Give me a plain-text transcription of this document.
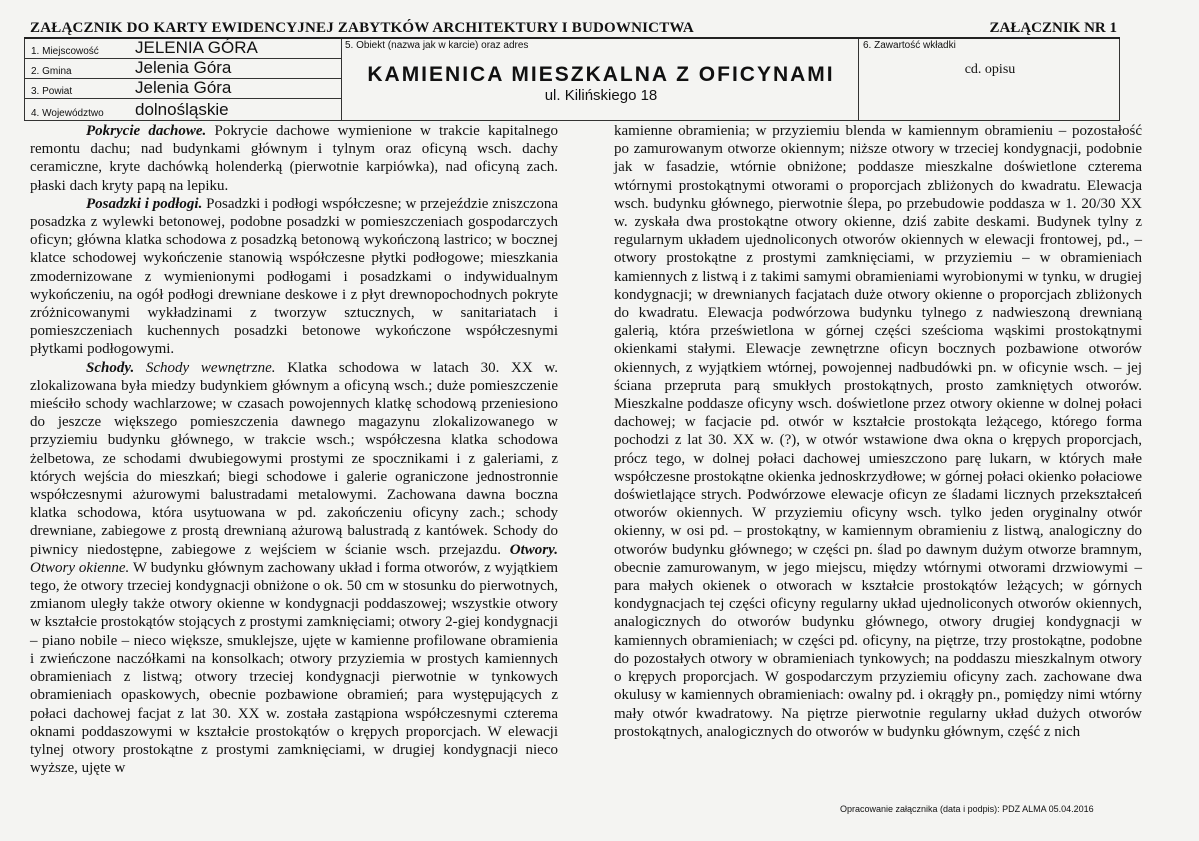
ZAŁĄCZNIK DO KARTY EWIDENCYJNEJ ZABYTKÓW ARCHITEKTURY I BUDOWNICTWA	ZAŁĄCZNIK NR 1
1. Miejscowość JELENIA GÓRA
2. Gmina	Jelenia Góra
3. Powiat	Jelenia Góra
4. Województwo dolnośląskie
5. Obiekt (nazwa jak w karcie) oraz adres
KAMIENICA MIESZKALNA Z OFICYNAMI
ul. Kilińskiego 18
6. Zawartość wkładki
cd. opisu

Pokrycie dachowe. Pokrycie dachowe wymienione w trakcie kapitalnego remontu dachu; nad budynkami głównym i tylnym oraz oficyną wsch. dachy ceramiczne, kryte dachówką holenderką (pierwotnie karpiówka), nad oficyną zach. płaski dach kryty papą na lepiku.

Posadzki i podłogi. Posadzki i podłogi współczesne; w przejeździe zniszczona posadzka z wylewki betonowej, podobne posadzki w pomieszczeniach gospodarczych oficyn; główna klatka schodowa z posadzką betonową wykończoną lastrico; w bocznej klatce schodowej wykończenie stanowią współczesne płytki podłogowe; mieszkania zmodernizowane z wymienionymi podłogami i posadzkami o indywidualnym wykończeniu, na ogół podłogi drewniane deskowe i z płyt drewnopochodnych pokryte zróżnicowanymi wykładzinami z tworzyw sztucznych, w sanitariatach i pomieszczeniach kuchennych posadzki betonowe wykończone współczesnymi płytkami podłogowymi.

Schody. Schody wewnętrzne. Klatka schodowa w latach 30. XX w. zlokalizowana była miedzy budynkiem głównym a oficyną wsch.; duże pomieszczenie mieściło schody wachlarzowe; w czasach powojennych klatkę schodową przeniesiono do jeszcze większego pomieszczenia dawnego magazynu zlokalizowanego w przyziemiu budynku głównego, w trakcie wsch.; współczesna klatka schodowa żelbetowa, ze schodami dwubiegowymi prostymi ze spocznikami i z galeriami, z których wejścia do mieszkań; biegi schodowe i galerie ograniczone jednostronnie współczesnymi ażurowymi balustradami metalowymi. Zachowana dawna boczna klatka schodowa, która usytuowana w pd. zakończeniu oficyny zach.; schody drewniane, zabiegowe z prostą drewnianą ażurową balustradą z kantówek. Schody do piwnicy niedostępne, zabiegowe z wejściem w ścianie wsch. przejazdu. Otwory. Otwory okienne. W budynku głównym zachowany układ i forma otworów, z wyjątkiem tego, że otwory trzeciej kondygnacji obniżone o ok. 50 cm w stosunku do pierwotnych, zmianom uległy także otwory okienne w kondygnacji poddaszowej; wszystkie otwory w kształcie prostokątów stojących z prostymi zamknięciami; otwory 2-giej kondygnacji – piano nobile – nieco większe, smuklejsze, ujęte w kamienne profilowane obramienia i zwieńczone naczółkami na konsolkach; otwory przyziemia w prostych kamiennych obramieniach z listwą; otwory trzeciej kondygnacji pierwotnie w tynkowych obramieniach opaskowych, obecnie pozbawione obramień; para występujących z połaci dachowej facjat z lat 30. XX w. została zastąpiona współczesnymi czterema oknami poddaszowymi w kształcie prostokątów o krępych proporcjach. W elewacji tylnej otwory prostokątne z prostymi zamknięciami, w drugiej kondygnacji nieco wyższe, ujęte w

kamienne obramienia; w przyziemiu blenda w kamiennym obramieniu – pozostałość po zamurowanym otworze okiennym; niższe otwory w trzeciej kondygnacji, podobnie jak w fasadzie, wtórnie obniżone; poddasze mieszkalne doświetlone czterema wtórnymi prostokątnymi otworami o proporcjach zbliżonych do kwadratu. Elewacja wsch. budynku głównego, pierwotnie ślepa, po przebudowie poddasza w 1. 20/30 XX w. zyskała dwa prostokątne otwory okienne, dziś zabite deskami. Budynek tylny z regularnym układem ujednoliconych otworów okiennych w elewacji frontowej, pd., – otwory prostokątne z prostymi zamknięciami, w przyziemiu – w obramieniach kamiennych z listwą i z takimi samymi obramieniami wyrobionymi w tynku, w drugiej kondygnacji; w drewnianych facjatach duże otwory okienne o proporcjach zbliżonych do kwadratu. Elewacja podwórzowa budynku tylnego z nadwieszoną drewnianą galerią, która prześwietlona w górnej części sześcioma wąskimi prostokątnymi okienkami stałymi. Elewacje zewnętrzne oficyn bocznych pozbawione otworów okiennych, z wyjątkiem wtórnej, powojennej nadbudówki pn. w oficynie wsch. – jej ściana przepruta parą smukłych prostokątnych, prosto zamkniętych otworów. Mieszkalne poddasze oficyny wsch. doświetlone przez otwory okienne w dolnej połaci dachowej; w facjacie pd. otwór w kształcie prostokąta leżącego, którego forma pochodzi z lat 30. XX w. (?), w otwór wstawione dwa okna o krępych proporcjach, prócz tego, w dolnej połaci dachowej umieszczono parę lukarn, w których małe współczesne prostokątne okienka jednoskrzydłowe; w górnej połaci okienko połaciowe doświetlające strych. Podwórzowe elewacje oficyn ze śladami licznych przekształceń otworów okiennych. W przyziemiu oficyny wsch. tylko jeden oryginalny otwór okienny, w osi pd. – prostokątny, w kamiennym obramieniu z listwą, analogiczny do otworów budynku głównego; w części pn. ślad po dawnym dużym otworze bramnym, obecnie zamurowanym, w jego miejscu, między wtórnymi otworami drzwiowymi – para małych okienek o otworach w kształcie prostokątów leżących; w górnych kondygnacjach tej części oficyny regularny układ ujednoliconych otworów okiennych, analogicznych do otworów budynku głównego, otwory drugiej kondygnacji w kamiennych obramieniach; w części pd. oficyny, na piętrze, trzy prostokątne, podobne do pozostałych otwory w obramieniach tynkowych; na poddaszu mieszkalnym otwory o krępych proporcjach. W gospodarczym przyziemiu oficyny zach. zachowane dwa okulusy w kamiennych obramieniach: owalny pd. i okrągły pn., pomiędzy nimi wtórny mały otwór kwadratowy. Na piętrze pierwotnie regularny układ dużych otworów prostokątnych, analogicznych do otworów w budynku głównym, część z nich

Opracowanie załącznika (data i podpis): PDZ ALMA 05.04.2016
